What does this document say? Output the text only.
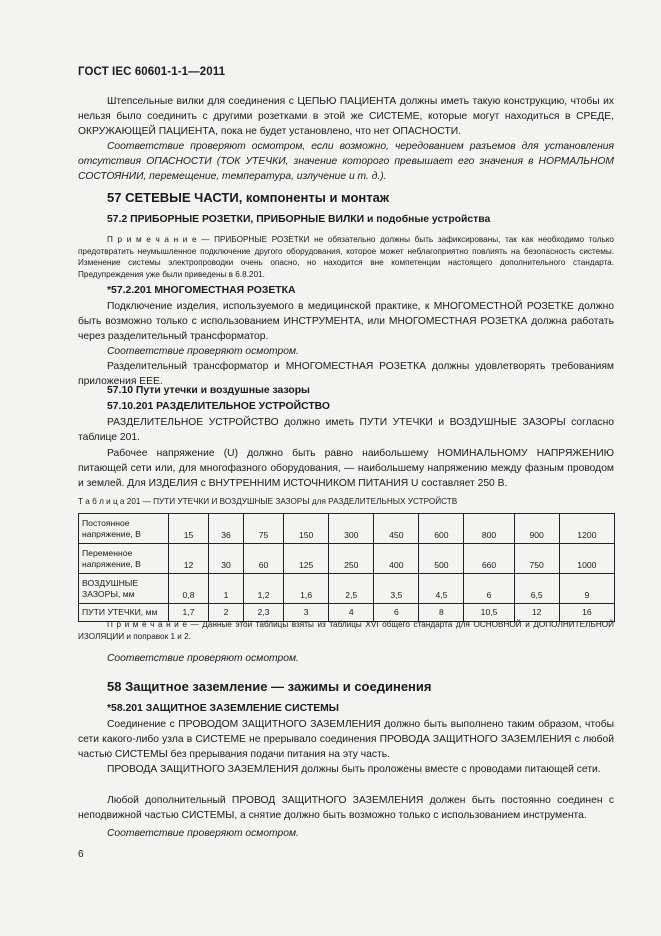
ГОСТ IEC 60601-1-1—2011
Штепсельные вилки для соединения с ЦЕПЬЮ ПАЦИЕНТА должны иметь такую конструкцию, чтобы их нельзя было соединить с другими розетками в этой же СИСТЕМЕ, которые могут находиться в СРЕДЕ, ОКРУЖАЮЩЕЙ ПАЦИЕНТА, пока не будет установлено, что нет ОПАСНОСТИ.
Соответствие проверяют осмотром, если возможно, чередованием разъемов для установления отсутствия ОПАСНОСТИ (ТОК УТЕЧКИ, значение которого превышает его значения в НОРМАЛЬНОМ СОСТОЯНИИ, перемещение, температура, излучение и т. д.).
57 СЕТЕВЫЕ ЧАСТИ, компоненты и монтаж
57.2 ПРИБОРНЫЕ РОЗЕТКИ, ПРИБОРНЫЕ ВИЛКИ и подобные устройства
П р и м е ч а н и е — ПРИБОРНЫЕ РОЗЕТКИ не обязательно должны быть зафиксированы, так как необходимо только предотвратить неумышленное подключение другого оборудования, которое может неблагоприятно повлиять на безопасность системы. Изменение системы электропроводки очень опасно, но находится вне компетенции настоящего дополнительного стандарта. Предупреждения уже были приведены в 6.8.201.
*57.2.201 МНОГОМЕСТНАЯ РОЗЕТКА
Подключение изделия, используемого в медицинской практике, к МНОГОМЕСТНОЙ РОЗЕТКЕ должно быть возможно только с использованием ИНСТРУМЕНТА, или МНОГОМЕСТНАЯ РОЗЕТКА должна работать через разделительный трансформатор.
Соответствие проверяют осмотром.
Разделительный трансформатор и МНОГОМЕСТНАЯ РОЗЕТКА должны удовлетворять требованиям приложения EEE.
57.10 Пути утечки и воздушные зазоры
57.10.201 РАЗДЕЛИТЕЛЬНОЕ УСТРОЙСТВО
РАЗДЕЛИТЕЛЬНОЕ УСТРОЙСТВО должно иметь ПУТИ УТЕЧКИ и ВОЗДУШНЫЕ ЗАЗОРЫ согласно таблице 201.
Рабочее напряжение (U) должно быть равно наибольшему НОМИНАЛЬНОМУ НАПРЯЖЕНИЮ питающей сети или, для многофазного оборудования, — наибольшему напряжению между фазным проводом и землей. Для ИЗДЕЛИЯ с ВНУТРЕННИМ ИСТОЧНИКОМ ПИТАНИЯ U составляет 250 В.
Т а б л и ц а 201 — ПУТИ УТЕЧКИ И ВОЗДУШНЫЕ ЗАЗОРЫ для РАЗДЕЛИТЕЛЬНЫХ УСТРОЙСТВ
Постоянное напряжение, В	15	36	75	150	300	450	600	800	900	1200
Переменное напряжение, В	12	30	60	125	250	400	500	660	750	1000
ВОЗДУШНЫЕ ЗАЗОРЫ, мм	0,8	1	1,2	1,6	2,5	3,5	4,5	6	6,5	9
ПУТИ УТЕЧКИ, мм	1,7	2	2,3	3	4	6	8	10,5	12	16
П р и м е ч а н и е — Данные этой таблицы взяты из таблицы XVI общего стандарта для ОСНОВНОЙ и ДОПОЛНИТЕЛЬНОЙ ИЗОЛЯЦИИ и поправок 1 и 2.
Соответствие проверяют осмотром.
58 Защитное заземление — зажимы и соединения
*58.201 ЗАЩИТНОЕ ЗАЗЕМЛЕНИЕ СИСТЕМЫ
Соединение с ПРОВОДОМ ЗАЩИТНОГО ЗАЗЕМЛЕНИЯ должно быть выполнено таким образом, чтобы сети какого-либо узла в СИСТЕМЕ не прерывало соединения ПРОВОДА ЗАЩИТНОГО ЗАЗЕМЛЕНИЯ с любой частью СИСТЕМЫ без прерывания подачи питания на эту часть.
ПРОВОДА ЗАЩИТНОГО ЗАЗЕМЛЕНИЯ должны быть проложены вместе с проводами питающей сети.
Любой дополнительный ПРОВОД ЗАЩИТНОГО ЗАЗЕМЛЕНИЯ должен быть постоянно соединен с неподвижной частью СИСТЕМЫ, а снятие должно быть возможно только с использованием инструмента.
Соответствие проверяют осмотром.
6
